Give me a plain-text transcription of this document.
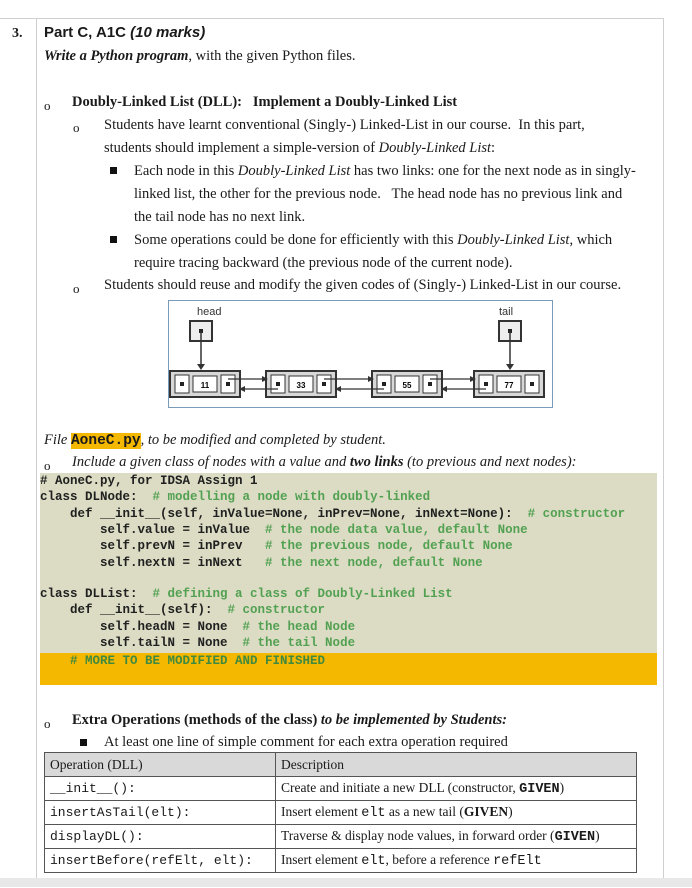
3. Part C, A1C (10 marks)
Write a Python program, with the given Python files.
o Doubly-Linked List (DLL): Implement a Doubly-Linked List
o Students have learnt conventional (Singly-) Linked-List in our course.  In this part,
students should implement a simple-version of Doubly-Linked List:
Each node in this Doubly-Linked List has two links: one for the next node as in singly-
linked list, the other for the previous node.   The head node has no previous link and
the tail node has no next link.
Some operations could be done for efficiently with this Doubly-Linked List, which
require tracing backward (the previous node of the current node).
o Students should reuse and modify the given codes of (Singly-) Linked-List in our course.
head	tail
11	33	55	77
File AoneC.py, to be modified and completed by student.
o Include a given class of nodes with a value and two links (to previous and next nodes):
# AoneC.py, for IDSA Assign 1
class DLNode:  # modelling a node with doubly-linked
def __init__(self, inValue=None, inPrev=None, inNext=None):  # constructor
self.value = inValue  # the node data value, default None
self.prevN = inPrev   # the previous node, default None
self.nextN = inNext   # the next node, default None
class DLList:  # defining a class of Doubly-Linked List
def __init__(self):  # constructor
self.headN = None  # the head Node
self.tailN = None  # the tail Node
# MORE TO BE MODIFIED AND FINISHED
o Extra Operations (methods of the class) to be implemented by Students:
At least one line of simple comment for each extra operation required
Operation (DLL)	Description
__init__():	Create and initiate a new DLL (constructor, GIVEN)
insertAsTail(elt):	Insert element elt as a new tail (GIVEN)
displayDL():	Traverse & display node values, in forward order (GIVEN)
insertBefore(refElt, elt):	Insert element elt, before a reference refElt
